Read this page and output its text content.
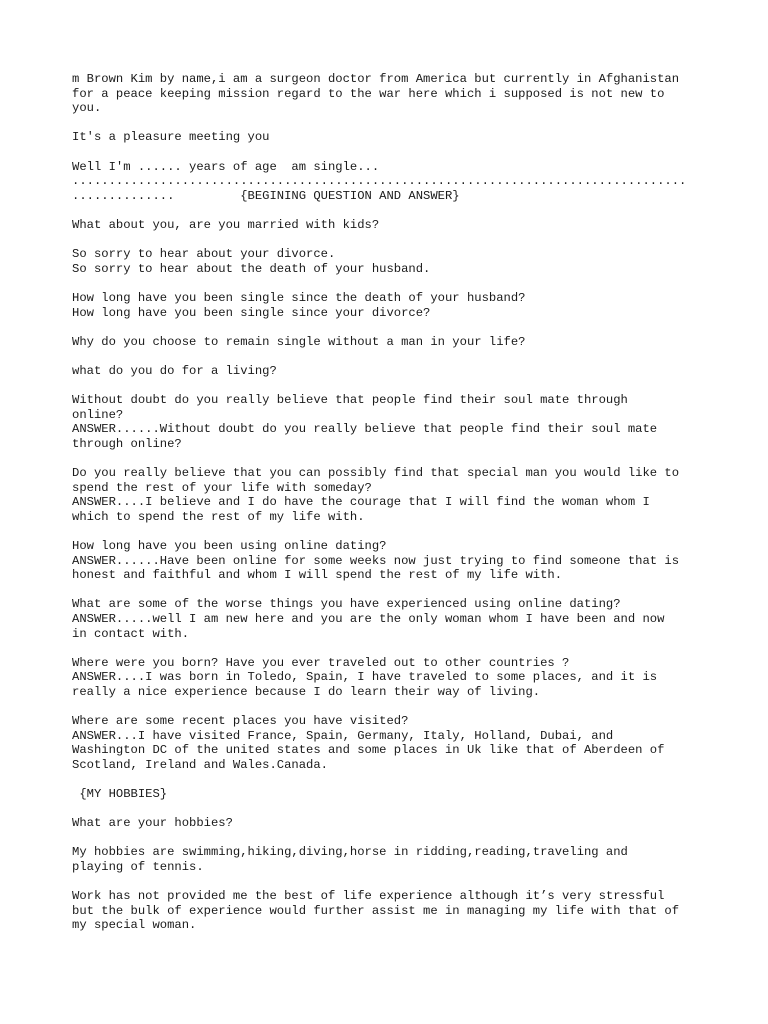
m Brown Kim by name,i am a surgeon doctor from America but currently in Afghanistan
for a peace keeping mission regard to the war here which i supposed is not new to
you.
It's a pleasure meeting you
Well I'm ...... years of age  am single...
....................................................................................
..............         {BEGINING QUESTION AND ANSWER}
What about you, are you married with kids?
So sorry to hear about your divorce.
So sorry to hear about the death of your husband.
How long have you been single since the death of your husband?
How long have you been single since your divorce?
Why do you choose to remain single without a man in your life?
what do you do for a living?
Without doubt do you really believe that people find their soul mate through
online?
ANSWER......Without doubt do you really believe that people find their soul mate
through online?
Do you really believe that you can possibly find that special man you would like to
spend the rest of your life with someday?
ANSWER....I believe and I do have the courage that I will find the woman whom I
which to spend the rest of my life with.
How long have you been using online dating?
ANSWER......Have been online for some weeks now just trying to find someone that is
honest and faithful and whom I will spend the rest of my life with.
What are some of the worse things you have experienced using online dating?
ANSWER.....well I am new here and you are the only woman whom I have been and now
in contact with.
Where were you born? Have you ever traveled out to other countries ?
ANSWER....I was born in Toledo, Spain, I have traveled to some places, and it is
really a nice experience because I do learn their way of living.
Where are some recent places you have visited?
ANSWER...I have visited France, Spain, Germany, Italy, Holland, Dubai, and
Washington DC of the united states and some places in Uk like that of Aberdeen of
Scotland, Ireland and Wales.Canada.
{MY HOBBIES}
What are your hobbies?
My hobbies are swimming,hiking,diving,horse in ridding,reading,traveling and
playing of tennis.
Work has not provided me the best of life experience although it’s very stressful
but the bulk of experience would further assist me in managing my life with that of
my special woman.
